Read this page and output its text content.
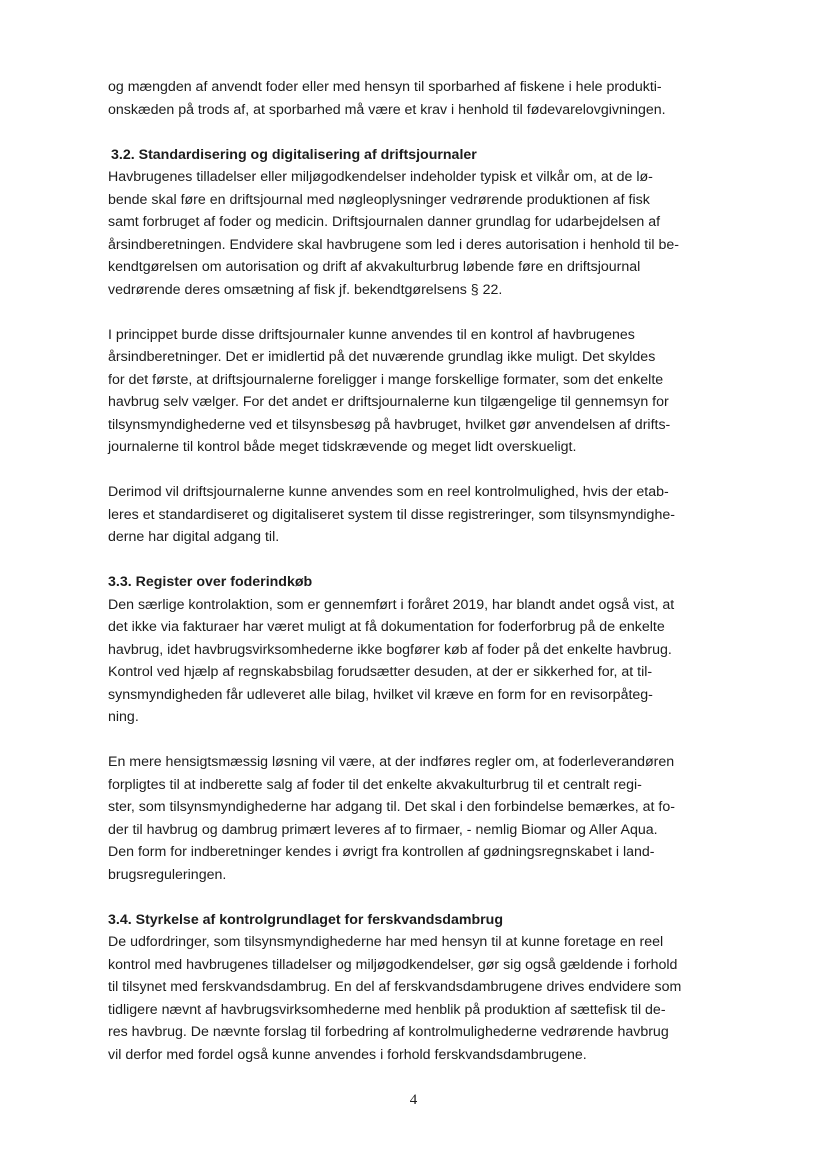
og mængden af anvendt foder eller med hensyn til sporbarhed af fiskene i hele produkti-
onskæden på trods af, at sporbarhed må være et krav i henhold til fødevarelovgivningen.
3.2. Standardisering og digitalisering af driftsjournaler
Havbrugenes tilladelser eller miljøgodkendelser indeholder typisk et vilkår om, at de lø-
bende skal føre en driftsjournal med nøgleoplysninger vedrørende produktionen af fisk
samt forbruget af foder og medicin. Driftsjournalen danner grundlag for udarbejdelsen af
årsindberetningen. Endvidere skal havbrugene som led i deres autorisation i henhold til be-
kendtgørelsen om autorisation og drift af akvakulturbrug løbende føre en driftsjournal
vedrørende deres omsætning af fisk jf. bekendtgørelsens § 22.
I princippet burde disse driftsjournaler kunne anvendes til en kontrol af havbrugenes
årsindberetninger. Det er imidlertid på det nuværende grundlag ikke muligt. Det skyldes
for det første, at driftsjournalerne foreligger i mange forskellige formater, som det enkelte
havbrug selv vælger. For det andet er driftsjournalerne kun tilgængelige til gennemsyn for
tilsynsmyndighederne ved et tilsynsbesøg på havbruget, hvilket gør anvendelsen af drifts-
journalerne til kontrol både meget tidskrævende og meget lidt overskueligt.
Derimod vil driftsjournalerne kunne anvendes som en reel kontrolmulighed, hvis der etab-
leres et standardiseret og digitaliseret system til disse registreringer, som tilsynsmyndighe-
derne har digital adgang til.
3.3. Register over foderindkøb
Den særlige kontrolaktion, som er gennemført i foråret 2019, har blandt andet også vist, at
det ikke via fakturaer har været muligt at få dokumentation for foderforbrug på de enkelte
havbrug, idet havbrugsvirksomhederne ikke bogfører køb af foder på det enkelte havbrug.
Kontrol ved hjælp af regnskabsbilag forudsætter desuden, at der er sikkerhed for, at til-
synsmyndigheden får udleveret alle bilag, hvilket vil kræve en form for en revisorpåteg-
ning.
En mere hensigtsmæssig løsning vil være, at der indføres regler om, at foderleverandøren
forpligtes til at indberette salg af foder til det enkelte akvakulturbrug til et centralt regi-
ster, som tilsynsmyndighederne har adgang til. Det skal i den forbindelse bemærkes, at fo-
der til havbrug og dambrug primært leveres af to firmaer, - nemlig Biomar og Aller Aqua.
Den form for indberetninger kendes i øvrigt fra kontrollen af gødningsregnskabet i land-
brugsreguleringen.
3.4. Styrkelse af kontrolgrundlaget for ferskvandsdambrug
De udfordringer, som tilsynsmyndighederne har med hensyn til at kunne foretage en reel
kontrol med havbrugenes tilladelser og miljøgodkendelser, gør sig også gældende i forhold
til tilsynet med ferskvandsdambrug. En del af ferskvandsdambrugene drives endvidere som
tidligere nævnt af havbrugsvirksomhederne med henblik på produktion af sættefisk til de-
res havbrug. De nævnte forslag til forbedring af kontrolmulighederne vedrørende havbrug
vil derfor med fordel også kunne anvendes i forhold ferskvandsdambrugene.
4
